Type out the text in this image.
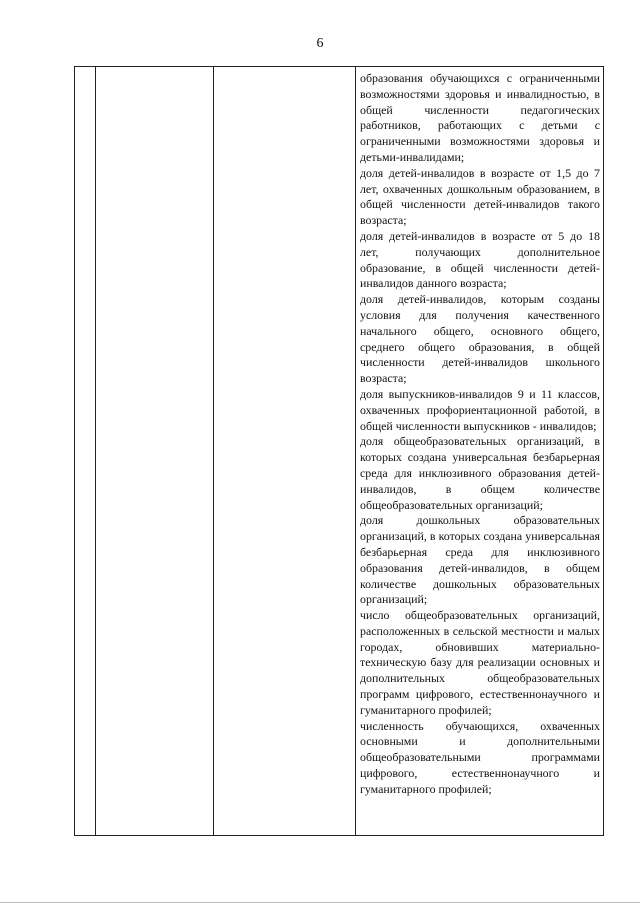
6

образования обучающихся с ограниченными возможностями здоровья и инвалидностью, в общей численности педагогических работников, работающих с детьми с ограниченными возможностями здоровья и детьми-инвалидами;

доля детей-инвалидов в возрасте от 1,5 до 7 лет, охваченных дошкольным образованием, в общей численности детей-инвалидов такого возраста;

доля детей-инвалидов в возрасте от 5 до 18 лет, получающих дополнительное образование, в общей численности детей-инвалидов данного возраста;

доля детей-инвалидов, которым созданы условия для получения качественного начального общего, основного общего, среднего общего образования, в общей численности детей-инвалидов школьного возраста;

доля выпускников-инвалидов 9 и 11 классов, охваченных профориентационной работой, в общей численности выпускников - инвалидов;

доля общеобразовательных организаций, в которых создана универсальная безбарьерная среда для инклюзивного образования детей-инвалидов, в общем количестве общеобразовательных организаций;

доля дошкольных образовательных организаций, в которых создана универсальная безбарьерная среда для инклюзивного образования детей-инвалидов, в общем количестве дошкольных образовательных организаций;

число общеобразовательных организаций, расположенных в сельской местности и малых городах, обновивших материально-техническую базу для реализации основных и дополнительных общеобразовательных программ цифрового, естественнонаучного и гуманитарного профилей;

численность обучающихся, охваченных основными и дополнительными общеобразовательными программами цифрового, естественнонаучного и гуманитарного профилей;
